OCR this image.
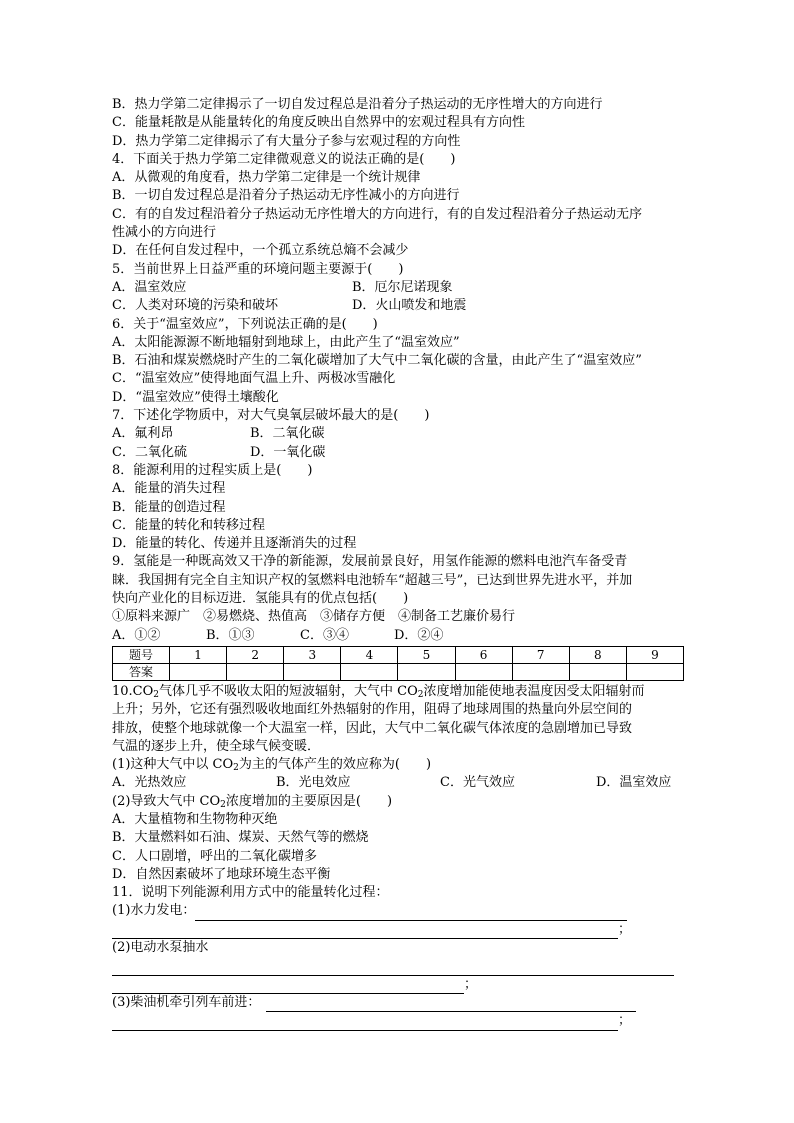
B．热力学第二定律揭示了一切自发过程总是沿着分子热运动的无序性增大的方向进行
C．能量耗散是从能量转化的角度反映出自然界中的宏观过程具有方向性
D．热力学第二定律揭示了有大量分子参与宏观过程的方向性
4．下面关于热力学第二定律微观意义的说法正确的是(　　)
A．从微观的角度看，热力学第二定律是一个统计规律
B．一切自发过程总是沿着分子热运动无序性减小的方向进行
C．有的自发过程沿着分子热运动无序性增大的方向进行，有的自发过程沿着分子热运动无序
性减小的方向进行
D．在任何自发过程中，一个孤立系统总熵不会减少
5．当前世界上日益严重的环境问题主要源于(　　)
A．温室效应	B．厄尔尼诺现象
C．人类对环境的污染和破坏	D．火山喷发和地震
6．关于“温室效应”，下列说法正确的是(　　)
A．太阳能源源不断地辐射到地球上，由此产生了“温室效应”
B．石油和煤炭燃烧时产生的二氧化碳增加了大气中二氧化碳的含量，由此产生了“温室效应”
C．“温室效应”使得地面气温上升、两极冰雪融化
D．“温室效应”使得土壤酸化
7．下述化学物质中，对大气臭氧层破坏最大的是(　　)
A．氟利昂	B．二氧化碳
C．二氧化硫	D．一氧化碳
8．能源利用的过程实质上是(　　)
A．能量的消失过程
B．能量的创造过程
C．能量的转化和转移过程
D．能量的转化、传递并且逐渐消失的过程
9．氢能是一种既高效又干净的新能源，发展前景良好，用氢作能源的燃料电池汽车备受青
睐．我国拥有完全自主知识产权的氢燃料电池轿车“超越三号”，已达到世界先进水平，并加
快向产业化的目标迈进．氢能具有的优点包括(　　)
①原料来源广　②易燃烧、热值高　③储存方便　④制备工艺廉价易行
A．①②	B．①③	C．③④	D．②④
题号	1	2	3	4	5	6	7	8	9
答案									
$10.CO_2$气体几乎不吸收太阳的短波辐射，大气中 $CO_2$浓度增加能使地表温度因受太阳辐射而
上升；另外，它还有强烈吸收地面红外热辐射的作用，阻碍了地球周围的热量向外层空间的
排放，使整个地球就像一个大温室一样，因此，大气中二氧化碳气体浓度的急剧增加已导致
气温的逐步上升，使全球气候变暖．
(1)这种大气中以 $CO_2$为主的气体产生的效应称为(　　)
A．光热效应	B．光电效应	C．光气效应	D．温室效应
(2)导致大气中 $CO_2$浓度增加的主要原因是(　　)
A．大量植物和生物物种灭绝
B．大量燃料如石油、煤炭、天然气等的燃烧
C．人口剧增，呼出的二氧化碳增多
D．自然因素破坏了地球环境生态平衡
11．说明下列能源利用方式中的能量转化过程：
(1)水力发电：
；
(2)电动水泵抽水
；
(3)柴油机牵引列车前进：
；
